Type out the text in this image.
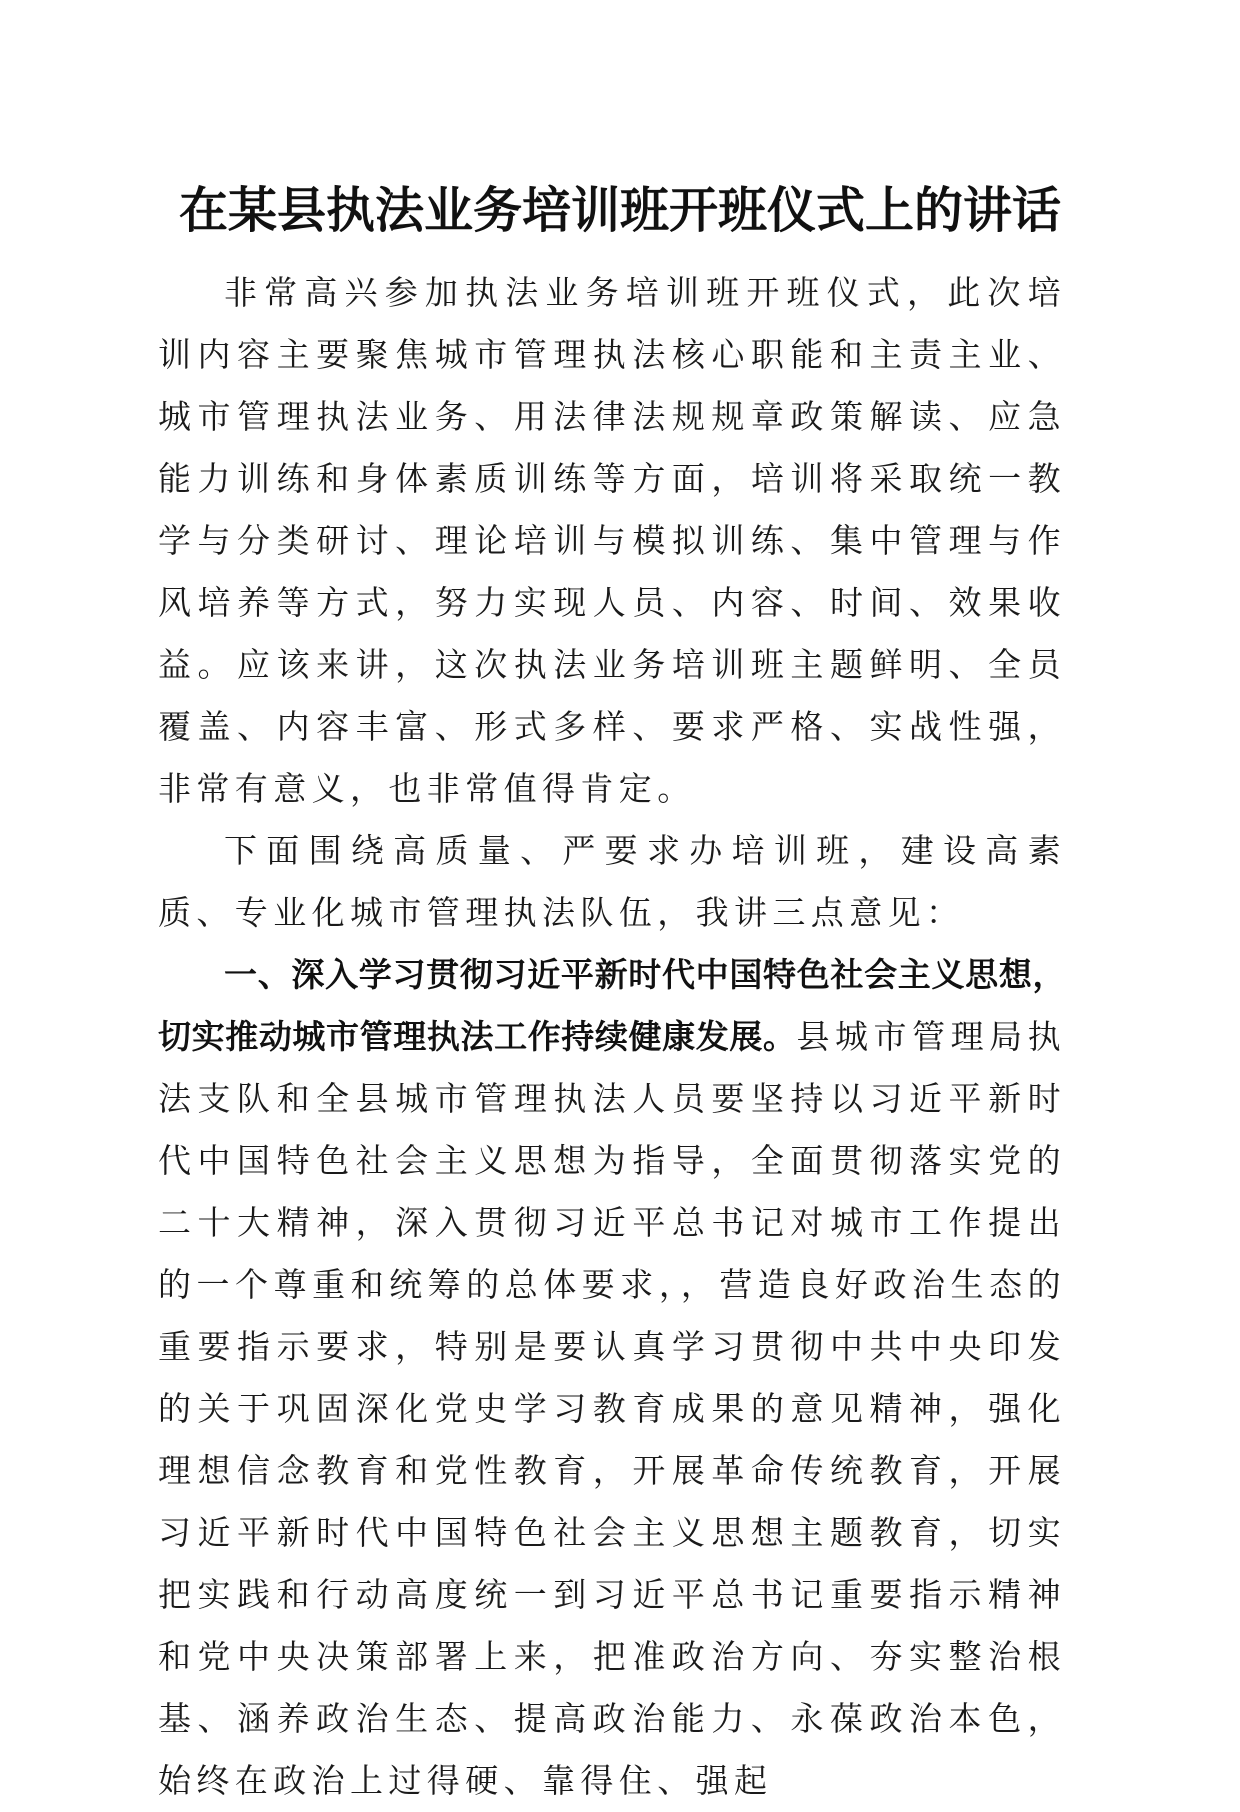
在某县执法业务培训班开班仪式上的讲话

非常高兴参加执法业务培训班开班仪式，此次培训内容主要聚焦城市管理执法核心职能和主责主业、城市管理执法业务、用法律法规规章政策解读、应急能力训练和身体素质训练等方面，培训将采取统一教学与分类研讨、理论培训与模拟训练、集中管理与作风培养等方式，努力实现人员、内容、时间、效果收益。应该来讲，这次执法业务培训班主题鲜明、全员覆盖、内容丰富、形式多样、要求严格、实战性强，非常有意义，也非常值得肯定。

下面围绕高质量、严要求办培训班，建设高素质、专业化城市管理执法队伍，我讲三点意见：

一、深入学习贯彻习近平新时代中国特色社会主义思想，切实推动城市管理执法工作持续健康发展。县城市管理局执法支队和全县城市管理执法人员要坚持以习近平新时代中国特色社会主义思想为指导，全面贯彻落实党的二十大精神，深入贯彻习近平总书记对城市工作提出的一个尊重和统筹的总体要求，，营造良好政治生态的重要指示要求，特别是要认真学习贯彻中共中央印发的关于巩固深化党史学习教育成果的意见精神，强化理想信念教育和党性教育，开展革命传统教育，开展习近平新时代中国特色社会主义思想主题教育，切实把实践和行动高度统一到习近平总书记重要指示精神和党中央决策部署上来，把准政治方向、夯实整治根基、涵养政治生态、提高政治能力、永葆政治本色，始终在政治上过得硬、靠得住、强起
